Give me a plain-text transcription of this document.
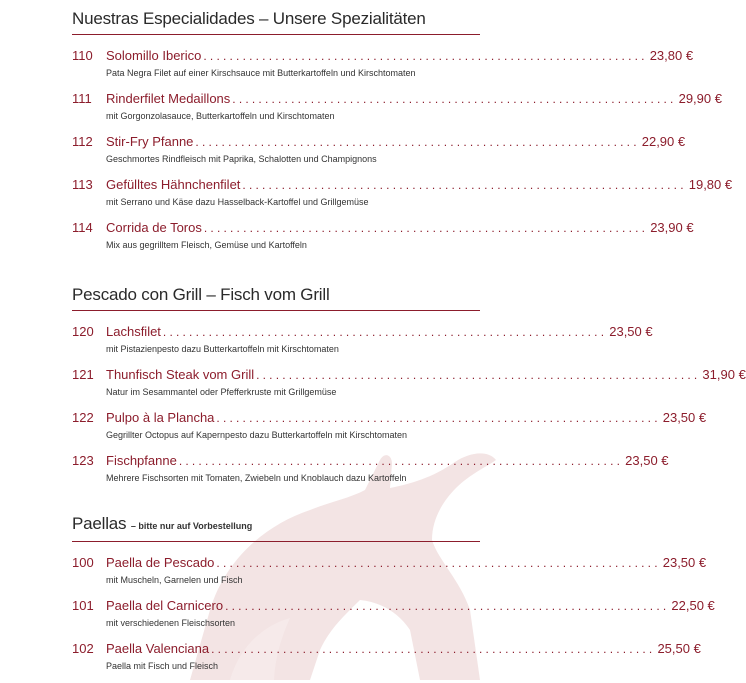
Nuestras Especialidades – Unsere Spezialitäten
110	Solomillo Iberico .................................................................... 23,80 €
Pata Negra Filet auf einer Kirschsauce mit Butterkartoffeln und Kirschtomaten
111	Rinderfilet Medaillons .................................................................... 29,90 €
mit Gorgonzolasauce, Butterkartoffeln und Kirschtomaten
112	Stir-Fry Pfanne .................................................................... 22,90 €
Geschmortes Rindfleisch mit Paprika, Schalotten und Champignons
113	Gefülltes Hähnchenfilet .................................................................... 19,80 €
mit Serrano und Käse dazu Hasselback-Kartoffel und Grillgemüse
114	Corrida de Toros .................................................................... 23,90 €
Mix aus gegrilltem Fleisch, Gemüse und Kartoffeln
Pescado con Grill – Fisch vom Grill
120 Lachsfilet .................................................................... 23,50 €
mit Pistazienpesto dazu Butterkartoffeln mit Kirschtomaten
121 Thunfisch Steak vom Grill .................................................................... 31,90 €
Natur im Sesammantel oder Pfefferkruste mit Grillgemüse
122 Pulpo à la Plancha .................................................................... 23,50 €
Gegrillter Octopus auf Kapernpesto dazu Butterkartoffeln mit Kirschtomaten
123 Fischpfanne .................................................................... 23,50 €
Mehrere Fischsorten mit Tomaten, Zwiebeln und Knoblauch dazu Kartoffeln
Paellas – bitte nur auf Vorbestellung
100 Paella de Pescado .................................................................... 23,50 €
mit Muscheln, Garnelen und Fisch
101 Paella del Carnicero .................................................................... 22,50 €
mit verschiedenen Fleischsorten
102 Paella Valenciana .................................................................... 25,50 €
Paella mit Fisch und Fleisch
